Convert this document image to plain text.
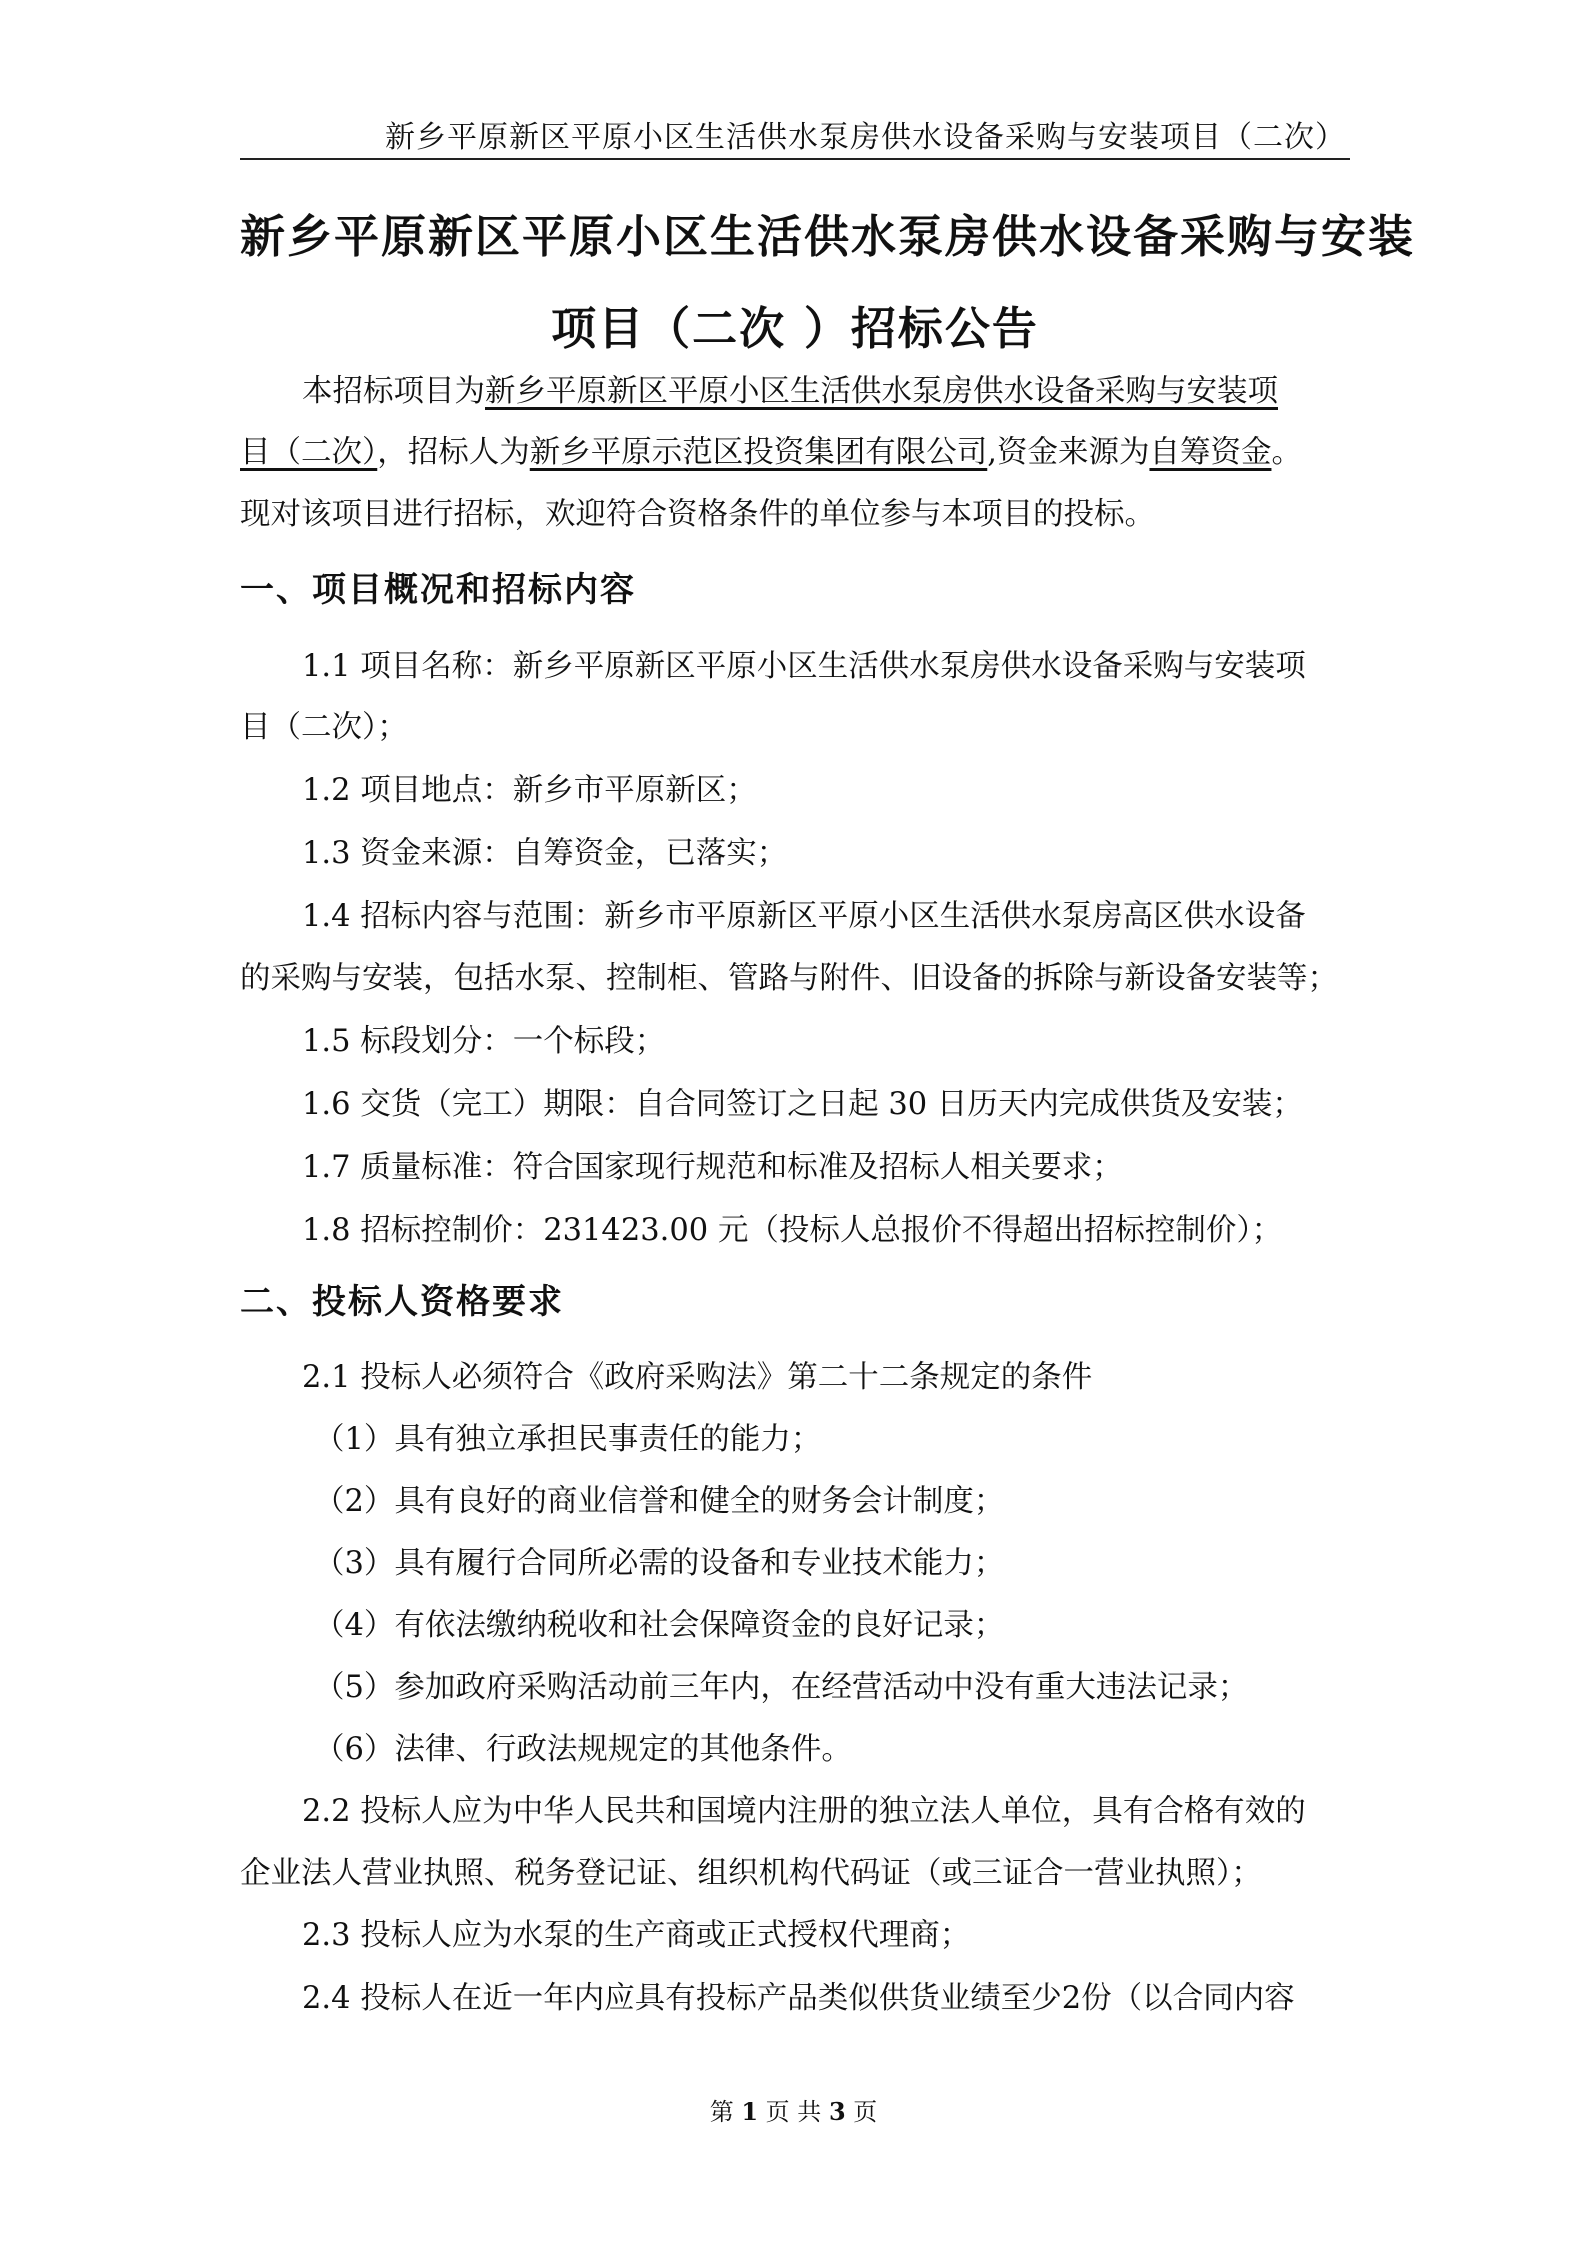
新乡平原新区平原小区生活供水泵房供水设备采购与安装项目（二次）
新乡平原新区平原小区生活供水泵房供水设备采购与安装
项目（二次 ）招标公告
本招标项目为新乡平原新区平原小区生活供水泵房供水设备采购与安装项
目（二次），招标人为新乡平原示范区投资集团有限公司,资金来源为自筹资金。
现对该项目进行招标，欢迎符合资格条件的单位参与本项目的投标。
一、项目概况和招标内容
1.1 项目名称：新乡平原新区平原小区生活供水泵房供水设备采购与安装项
目（二次）；
1.2 项目地点：新乡市平原新区；
1.3 资金来源：自筹资金，已落实；
1.4 招标内容与范围：新乡市平原新区平原小区生活供水泵房高区供水设备
的采购与安装，包括水泵、控制柜、管路与附件、旧设备的拆除与新设备安装等；
1.5 标段划分：一个标段；
1.6 交货（完工）期限：自合同签订之日起 30 日历天内完成供货及安装；
1.7 质量标准：符合国家现行规范和标准及招标人相关要求；
1.8 招标控制价：231423.00 元（投标人总报价不得超出招标控制价）；
二、投标人资格要求
2.1 投标人必须符合《政府采购法》第二十二条规定的条件
（1）具有独立承担民事责任的能力；
（2）具有良好的商业信誉和健全的财务会计制度；
（3）具有履行合同所必需的设备和专业技术能力；
（4）有依法缴纳税收和社会保障资金的良好记录；
（5）参加政府采购活动前三年内，在经营活动中没有重大违法记录；
（6）法律、行政法规规定的其他条件。
2.2 投标人应为中华人民共和国境内注册的独立法人单位，具有合格有效的
企业法人营业执照、税务登记证、组织机构代码证（或三证合一营业执照）；
2.3 投标人应为水泵的生产商或正式授权代理商；
2.4 投标人在近一年内应具有投标产品类似供货业绩至少2份（以合同内容
第 1 页 共 3 页
